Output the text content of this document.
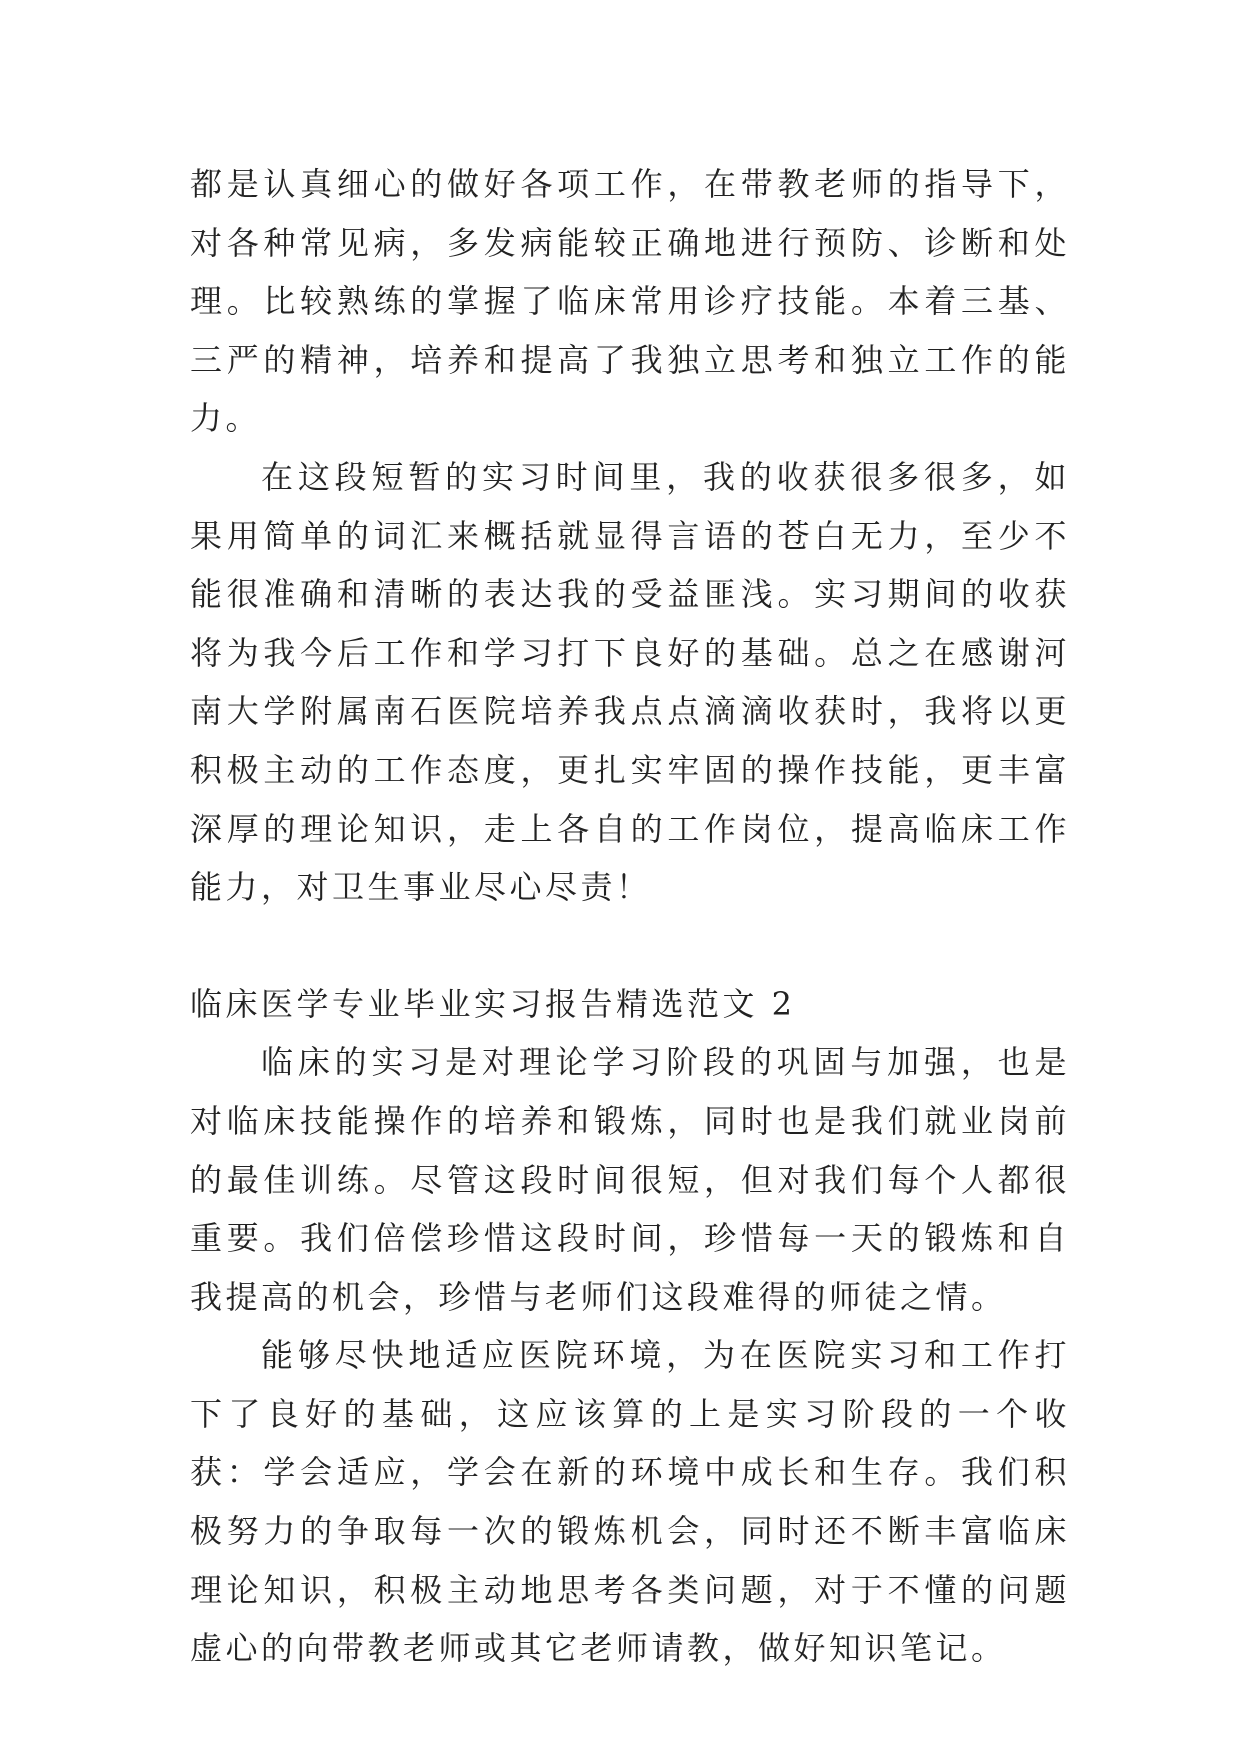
都是认真细心的做好各项工作，在带教老师的指导下，对各种常见病，多发病能较正确地进行预防、诊断和处理。比较熟练的掌握了临床常用诊疗技能。本着三基、三严的精神，培养和提高了我独立思考和独立工作的能力。

在这段短暂的实习时间里，我的收获很多很多，如果用简单的词汇来概括就显得言语的苍白无力，至少不能很准确和清晰的表达我的受益匪浅。实习期间的收获将为我今后工作和学习打下良好的基础。总之在感谢河南大学附属南石医院培养我点点滴滴收获时，我将以更积极主动的工作态度，更扎实牢固的操作技能，更丰富深厚的理论知识，走上各自的工作岗位，提高临床工作能力，对卫生事业尽心尽责！

临床医学专业毕业实习报告精选范文 2

临床的实习是对理论学习阶段的巩固与加强，也是对临床技能操作的培养和锻炼，同时也是我们就业岗前的最佳训练。尽管这段时间很短，但对我们每个人都很重要。我们倍偿珍惜这段时间，珍惜每一天的锻炼和自我提高的机会，珍惜与老师们这段难得的师徒之情。

能够尽快地适应医院环境，为在医院实习和工作打下了良好的基础，这应该算的上是实习阶段的一个收获：学会适应，学会在新的环境中成长和生存。我们积极努力的争取每一次的锻炼机会，同时还不断丰富临床理论知识，积极主动地思考各类问题，对于不懂的问题虚心的向带教老师或其它老师请教，做好知识笔记。
